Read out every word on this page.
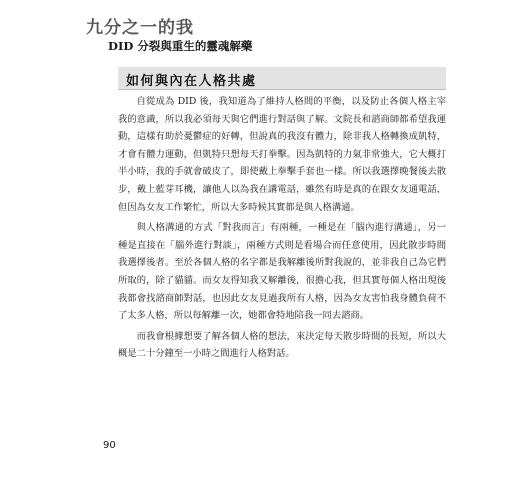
九分之一的我
DID 分裂與重生的靈魂解藥
如何與內在人格共處

自從成為 DID 後，我知道為了維持人格間的平衡，以及防止各個人格主宰我的意識，所以我必須每天與它們進行對話與了解。文院長和諮商師都希望我運動，這樣有助於憂鬱症的好轉，但說真的我沒有體力，除非我人格轉換成凱特，才會有體力運動，但凱特只想每天打拳擊。因為凱特的力氣非常強大，它大概打半小時，我的手就會破皮了，即使戴上拳擊手套也一樣。所以我選擇晚餐後去散步，戴上藍芽耳機，讓他人以為我在講電話，雖然有時是真的在跟女友通電話，但因為女友工作繁忙，所以大多時候其實都是與人格溝通。

與人格溝通的方式「對我而言」有兩種，一種是在「腦內進行溝通」，另一種是直接在「腦外進行對談」，兩種方式則是看場合而任意使用，因此散步時間我選擇後者。至於各個人格的名字都是我解離後所對我說的，並非我自己為它們所取的，除了貓貓。而女友得知我又解離後，很擔心我，但其實每個人格出現後我都會找諮商師對話，也因此女友見過我所有人格，因為女友害怕我身體負荷不了太多人格，所以每解離一次，她都會特地陪我一同去諮商。

而我會根據想要了解各個人格的想法，來決定每天散步時間的長短，所以大概是二十分鐘至一小時之間進行人格對話。

90
